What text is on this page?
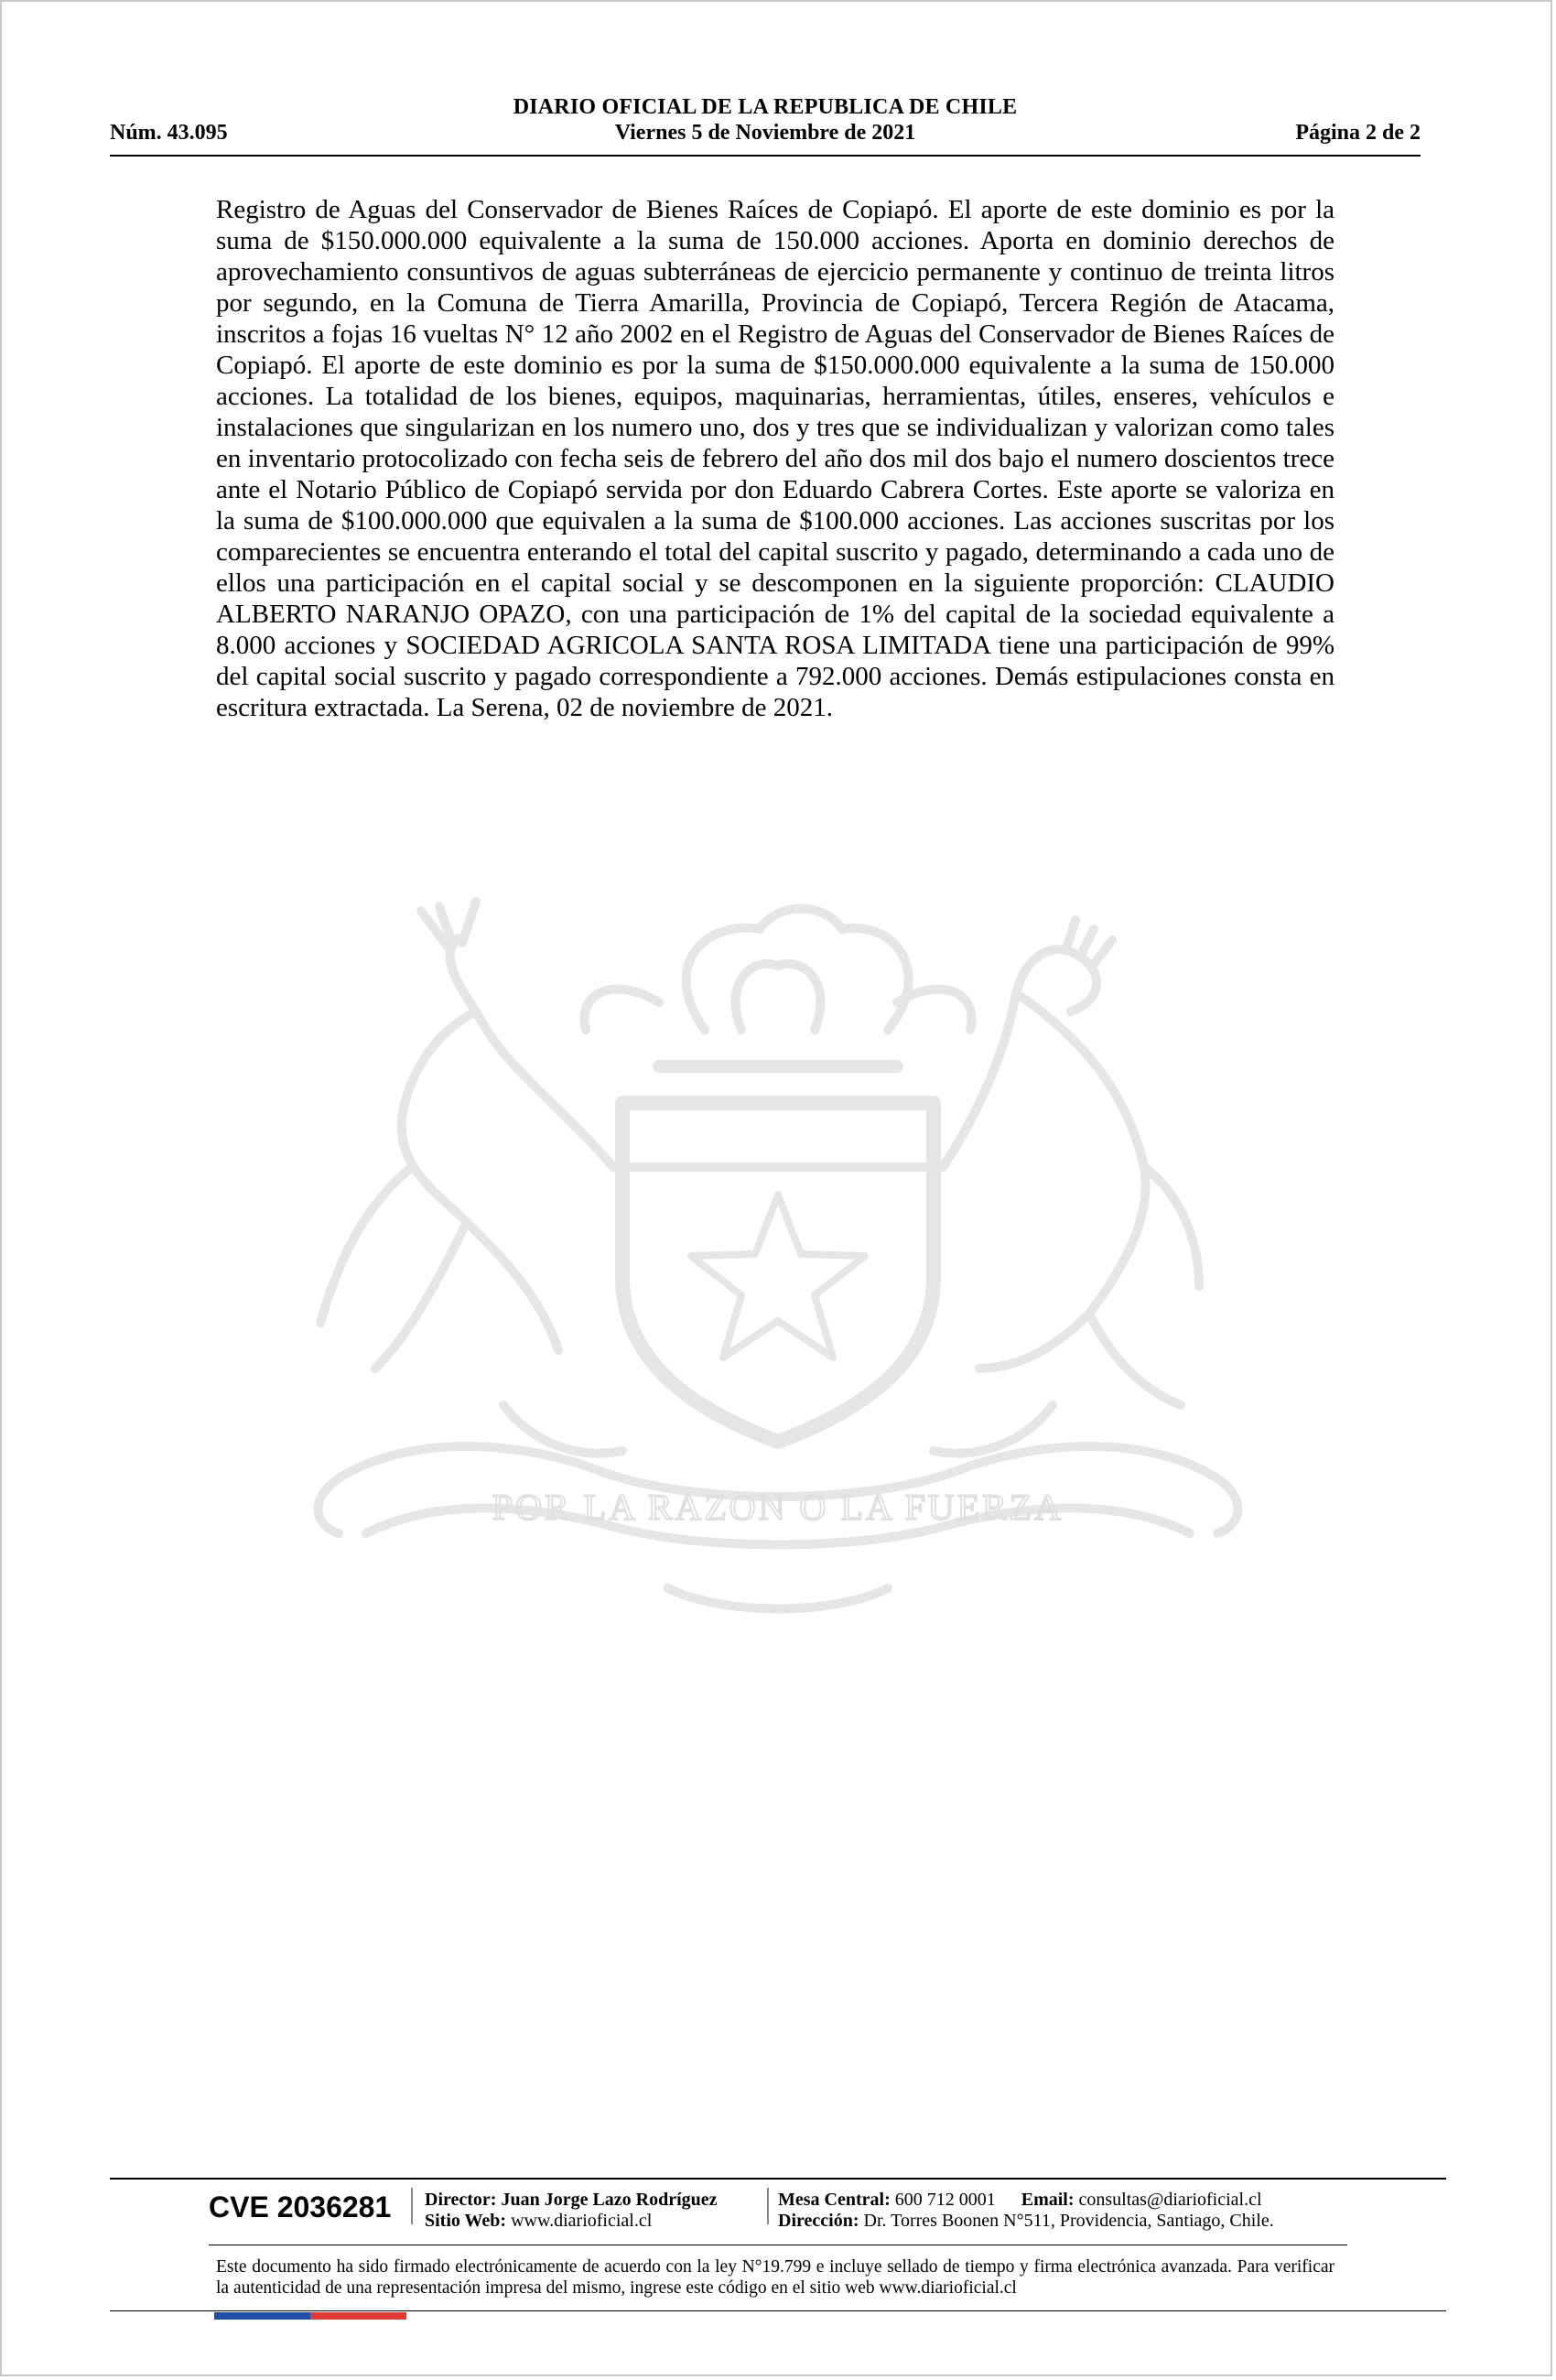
DIARIO OFICIAL DE LA REPUBLICA DE CHILE
Núm. 43.095	Viernes 5 de Noviembre de 2021	Página 2 de 2
POR LA RAZON O LA FUERZA
Registro de Aguas del Conservador de Bienes Raíces de Copiapó. El aporte de este dominio es por la suma de $150.000.000 equivalente a la suma de 150.000 acciones. Aporta en dominio derechos de aprovechamiento consuntivos de aguas subterráneas de ejercicio permanente y continuo de treinta litros por segundo, en la Comuna de Tierra Amarilla, Provincia de Copiapó, Tercera Región de Atacama, inscritos a fojas 16 vueltas N° 12 año 2002 en el Registro de Aguas del Conservador de Bienes Raíces de Copiapó. El aporte de este dominio es por la suma de $150.000.000 equivalente a la suma de 150.000 acciones. La totalidad de los bienes, equipos, maquinarias, herramientas, útiles, enseres, vehículos e instalaciones que singularizan en los numero uno, dos y tres que se individualizan y valorizan como tales en inventario protocolizado con fecha seis de febrero del año dos mil dos bajo el numero doscientos trece ante el Notario Público de Copiapó servida por don Eduardo Cabrera Cortes. Este aporte se valoriza en la suma de $100.000.000 que equivalen a la suma de $100.000 acciones. Las acciones suscritas por los comparecientes se encuentra enterando el total del capital suscrito y pagado, determinando a cada uno de ellos una participación en el capital social y se descomponen en la siguiente proporción: CLAUDIO ALBERTO NARANJO OPAZO, con una participación de 1% del capital de la sociedad equivalente a 8.000 acciones y SOCIEDAD AGRICOLA SANTA ROSA LIMITADA tiene una participación de 99% del capital social suscrito y pagado correspondiente a 792.000 acciones. Demás estipulaciones consta en escritura extractada. La Serena, 02 de noviembre de 2021.
CVE 2036281	Director: Juan Jorge Lazo Rodríguez
Sitio Web: www.diarioficial.cl
Mesa Central: 600 712 0001 Email: consultas@diarioficial.cl
Dirección: Dr. Torres Boonen N°511, Providencia, Santiago, Chile.
Este documento ha sido firmado electrónicamente de acuerdo con la ley N°19.799 e incluye sellado de tiempo y firma electrónica avanzada. Para verificar la autenticidad de una representación impresa del mismo, ingrese este código en el sitio web www.diarioficial.cl
